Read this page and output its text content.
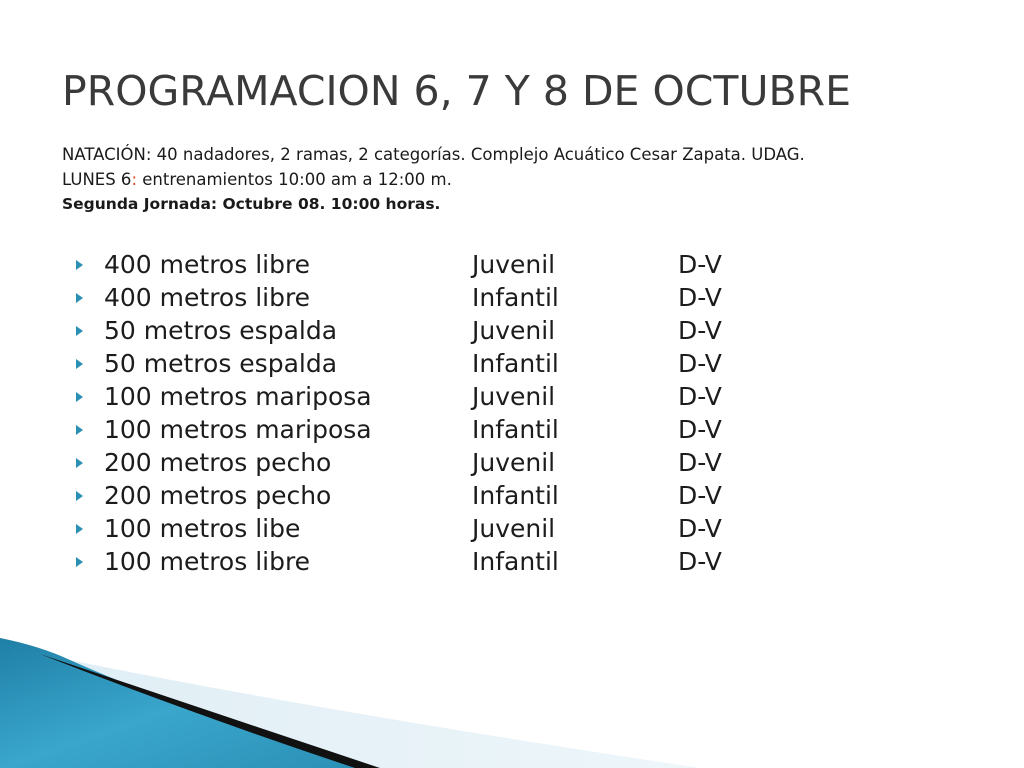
PROGRAMACION 6, 7 Y 8 DE OCTUBRE
NATACIÓN: 40 nadadores, 2 ramas, 2 categorías. Complejo Acuático Cesar Zapata. UDAG.
LUNES 6: entrenamientos 10:00 am a 12:00 m.
Segunda Jornada: Octubre 08. 10:00 horas.
400 metros libre	Juvenil	D-V
400 metros libre	Infantil	D-V
50 metros espalda	Juvenil	D-V
50 metros espalda	Infantil	D-V
100 metros mariposa	Juvenil	D-V
100 metros mariposa	Infantil	D-V
200 metros pecho	Juvenil	D-V
200 metros pecho	Infantil	D-V
100 metros libe	Juvenil	D-V
100 metros libre	Infantil	D-V
